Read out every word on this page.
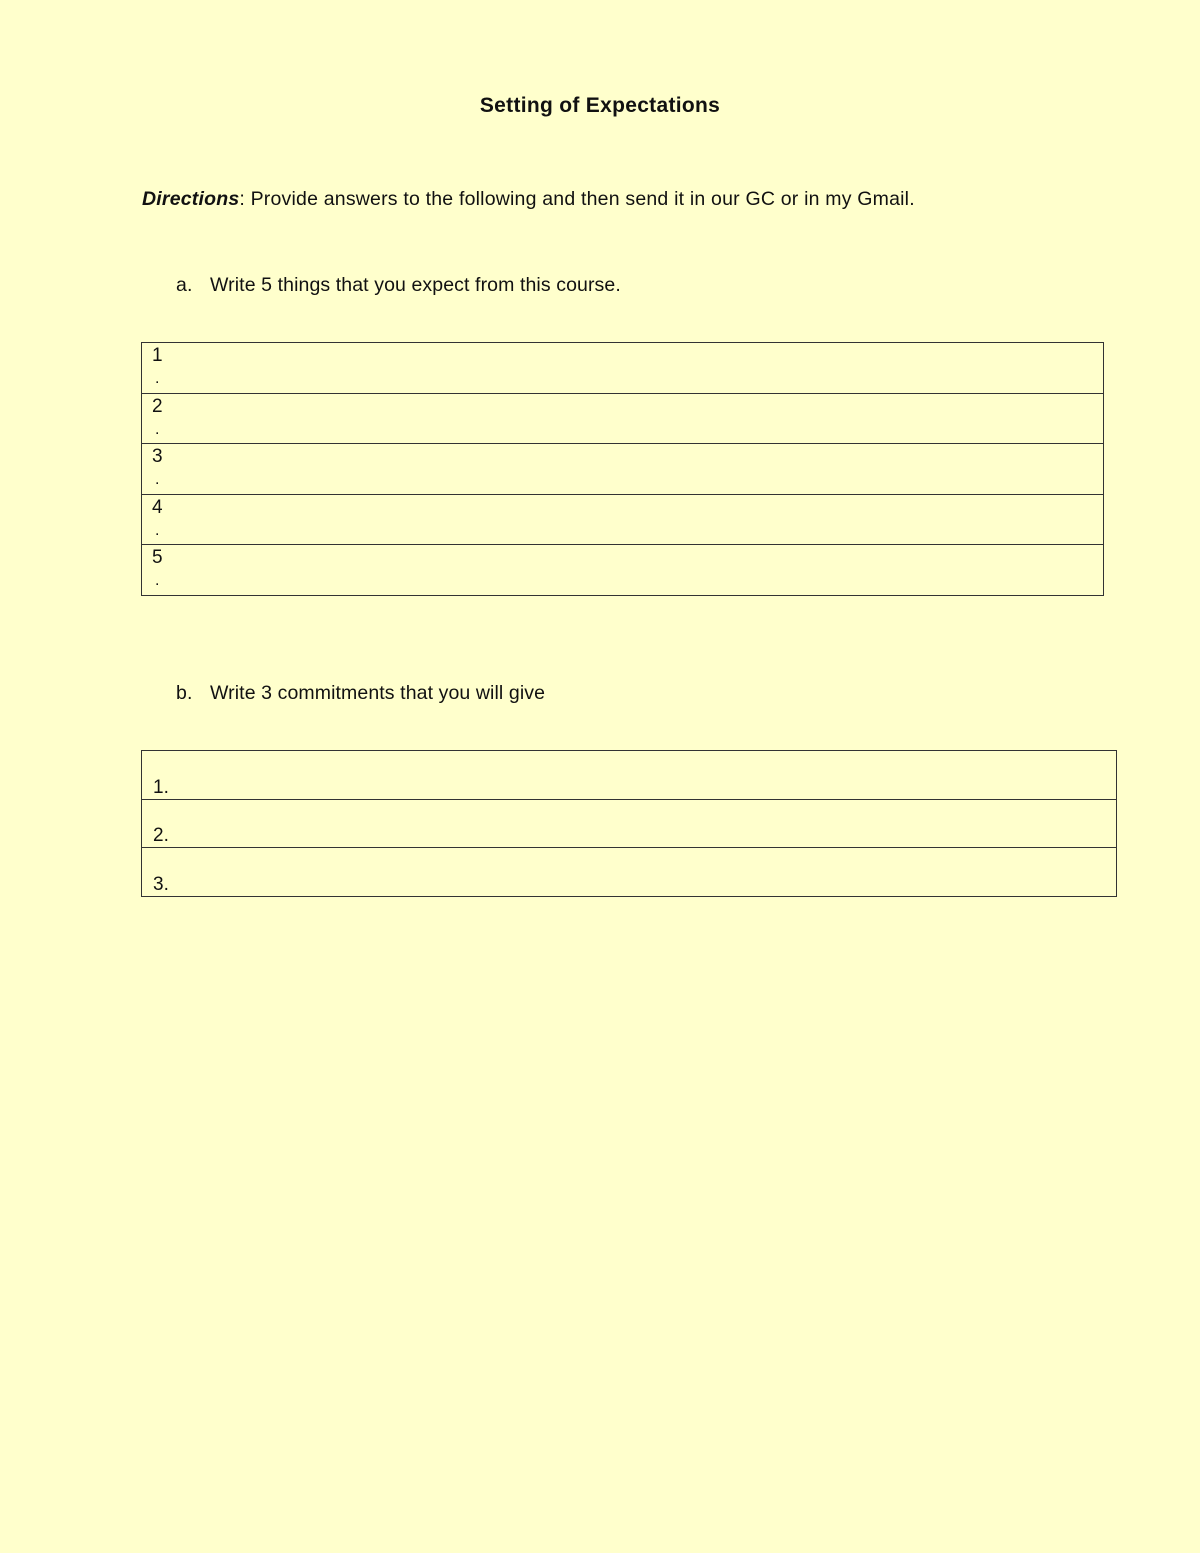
Setting of Expectations
Directions: Provide answers to the following and then send it in our GC or in my Gmail.
a. Write 5 things that you expect from this course.
1
.
2
.
3
.
4
.
5
.
b. Write 3 commitments that you will give
1.
2.
3.
